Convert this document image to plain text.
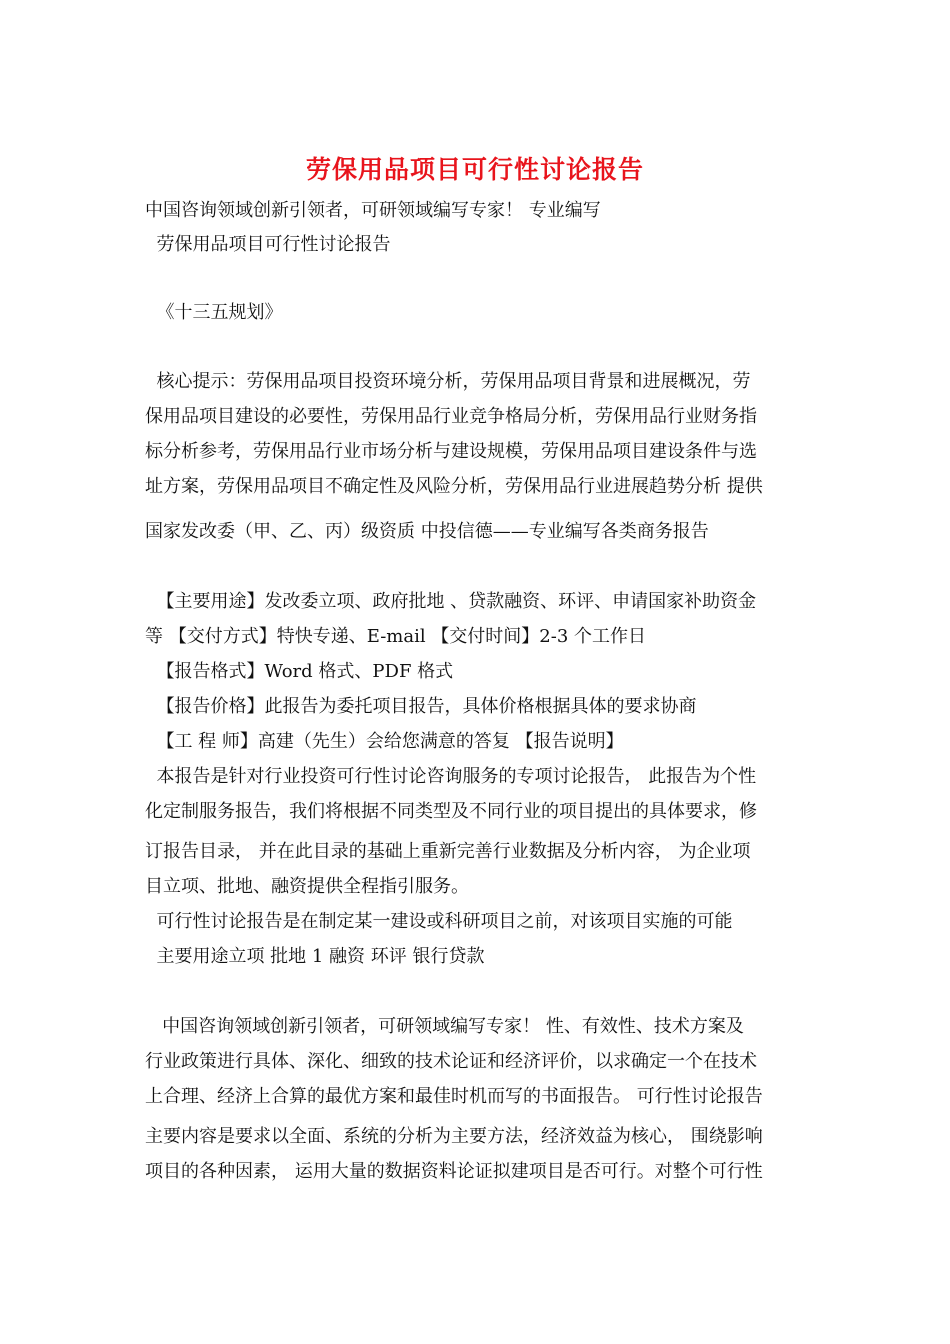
劳保用品项目可行性讨论报告
中国咨询领域创新引领者，可研领域编写专家！ 专业编写
劳保用品项目可行性讨论报告
《十三五规划》
核心提示：劳保用品项目投资环境分析，劳保用品项目背景和进展概况，劳
保用品项目建设的必要性，劳保用品行业竞争格局分析，劳保用品行业财务指
标分析参考，劳保用品行业市场分析与建设规模，劳保用品项目建设条件与选
址方案，劳保用品项目不确定性及风险分析，劳保用品行业进展趋势分析 提供
国家发改委（甲、乙、丙）级资质 中投信德——专业编写各类商务报告
【主要用途】发改委立项、政府批地 、贷款融资、环评、申请国家补助资金
等 【交付方式】特快专递、E-mail 【交付时间】2-3 个工作日
【报告格式】Word 格式、PDF 格式
【报告价格】此报告为委托项目报告，具体价格根据具体的要求协商
【工 程 师】高建（先生）会给您满意的答复 【报告说明】
本报告是针对行业投资可行性讨论咨询服务的专项讨论报告， 此报告为个性
化定制服务报告，我们将根据不同类型及不同行业的项目提出的具体要求，修
订报告目录， 并在此目录的基础上重新完善行业数据及分析内容， 为企业项
目立项、批地、融资提供全程指引服务。
可行性讨论报告是在制定某一建设或科研项目之前，对该项目实施的可能
主要用途立项 批地 1 融资 环评 银行贷款
中国咨询领域创新引领者，可研领域编写专家！ 性、有效性、技术方案及
行业政策进行具体、深化、细致的技术论证和经济评价，以求确定一个在技术
上合理、经济上合算的最优方案和最佳时机而写的书面报告。 可行性讨论报告
主要内容是要求以全面、系统的分析为主要方法，经济效益为核心， 围绕影响
项目的各种因素， 运用大量的数据资料论证拟建项目是否可行。对整个可行性
